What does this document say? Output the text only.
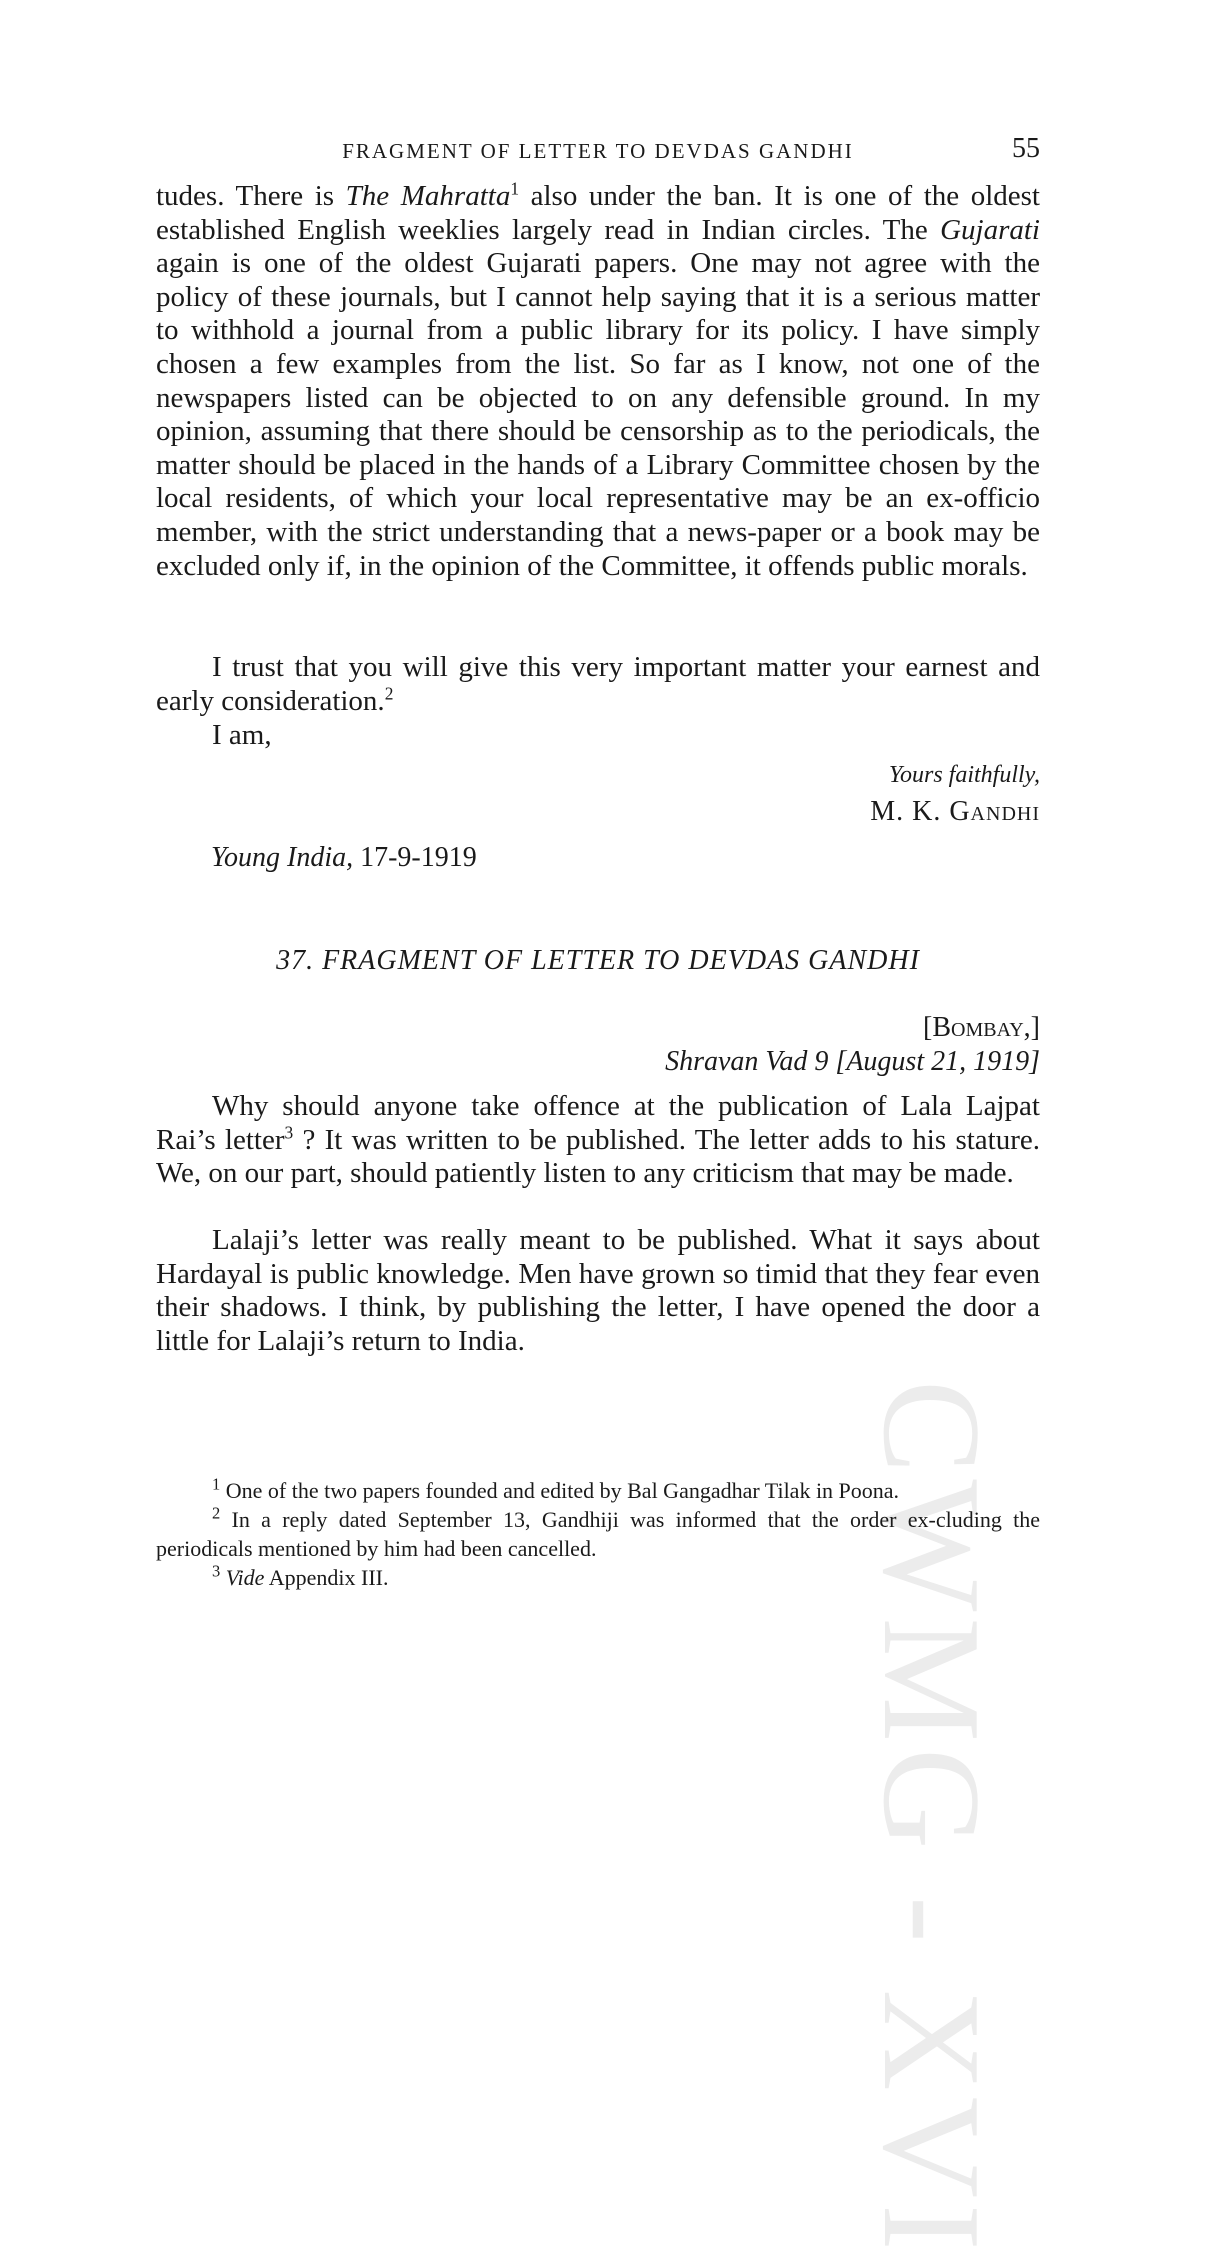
CWMG - XVI
FRAGMENT OF LETTER TO DEVDAS GANDHI	55

tudes. There is The Mahratta$^1$ also under the ban. It is one of the oldest established English weeklies largely read in Indian circles. The Gujarati again is one of the oldest Gujarati papers. One may not agree with the policy of these journals, but I cannot help saying that it is a serious matter to withhold a journal from a public library for its policy. I have simply chosen a few examples from the list. So far as I know, not one of the newspapers listed can be objected to on any defensible ground. In my opinion, assuming that there should be censorship as to the periodicals, the matter should be placed in the hands of a Library Committee chosen by the local residents, of which your local representative may be an ex-officio member, with the strict understanding that a news-paper or a book may be excluded only if, in the opinion of the Committee, it offends public morals.

I trust that you will give this very important matter your earnest and early consideration.$^2$

I am,

Yours faithfully,
M. K. Gandhi
Young India, 17-9-1919
37. FRAGMENT OF LETTER TO DEVDAS GANDHI
[Bombay,]
Shravan Vad 9 [August 21, 1919]

Why should anyone take offence at the publication of Lala Lajpat Rai’s letter$^3$ ? It was written to be published. The letter adds to his stature. We, on our part, should patiently listen to any criticism that may be made.

Lalaji’s letter was really meant to be published. What it says about Hardayal is public knowledge. Men have grown so timid that they fear even their shadows. I think, by publishing the letter, I have opened the door a little for Lalaji’s return to India.

$^1$ One of the two papers founded and edited by Bal Gangadhar Tilak in Poona.

$^2$ In a reply dated September 13, Gandhiji was informed that the order ex-cluding the periodicals mentioned by him had been cancelled.

$^3$ Vide Appendix III.
